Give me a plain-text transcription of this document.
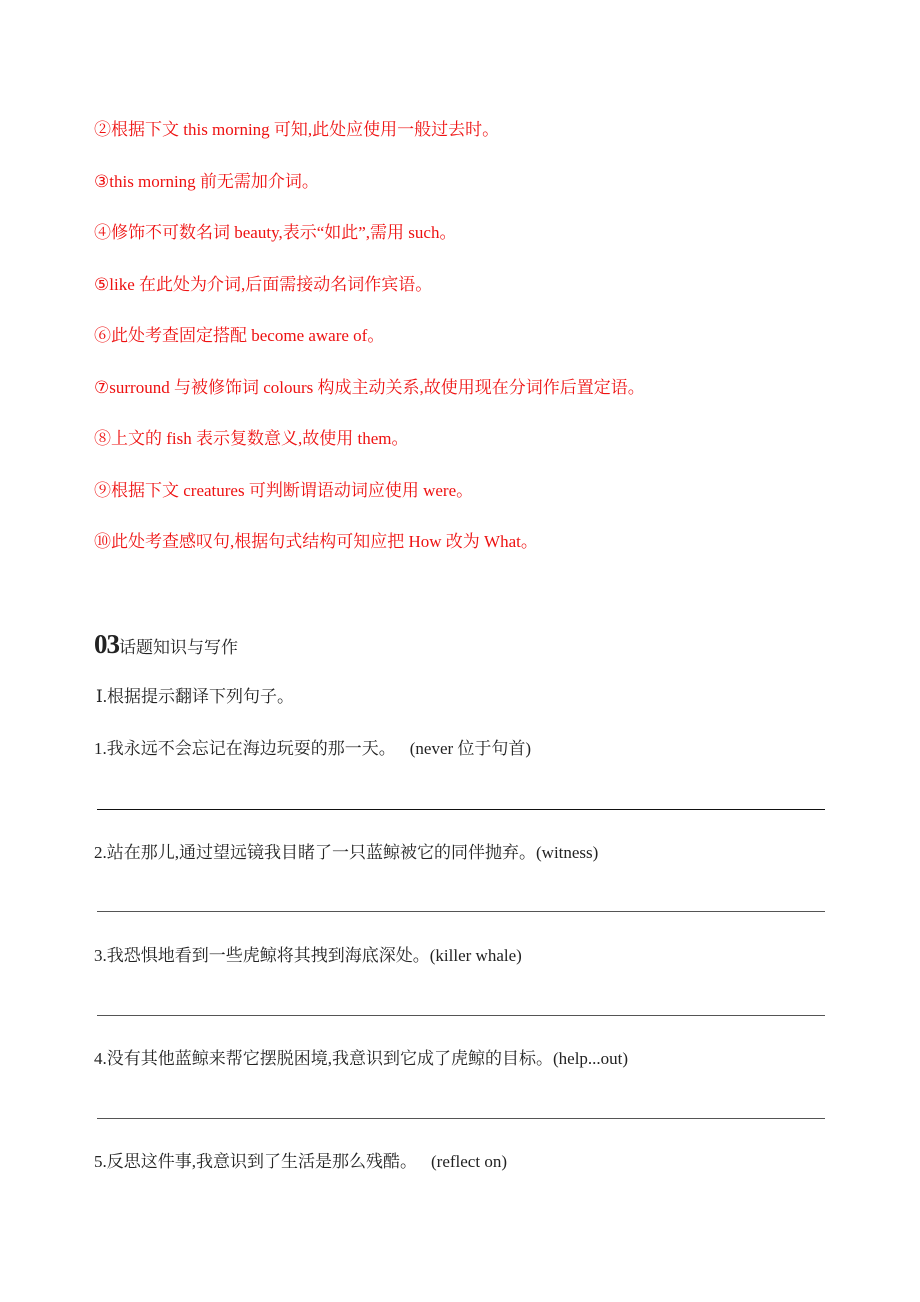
②根据下文 this morning 可知,此处应使用一般过去时。
③this morning 前无需加介词。
④修饰不可数名词 beauty,表示“如此”,需用 such。
⑤like 在此处为介词,后面需接动名词作宾语。
⑥此处考查固定搭配 become aware of。
⑦surround 与被修饰词 colours 构成主动关系,故使用现在分词作后置定语。
⑧上文的 fish 表示复数意义,故使用 them。
⑨根据下文 creatures 可判断谓语动词应使用 were。
⑩此处考查感叹句,根据句式结构可知应把 How 改为 What。
03话题知识与写作
Ⅰ.根据提示翻译下列句子。
1.我永远不会忘记在海边玩耍的那一天。 (never 位于句首)
2.站在那儿,通过望远镜我目睹了一只蓝鲸被它的同伴抛弃。(witness)
3.我恐惧地看到一些虎鲸将其拽到海底深处。(killer whale)
4.没有其他蓝鲸来帮它摆脱困境,我意识到它成了虎鲸的目标。(help...out)
5.反思这件事,我意识到了生活是那么残酷。 (reflect on)
